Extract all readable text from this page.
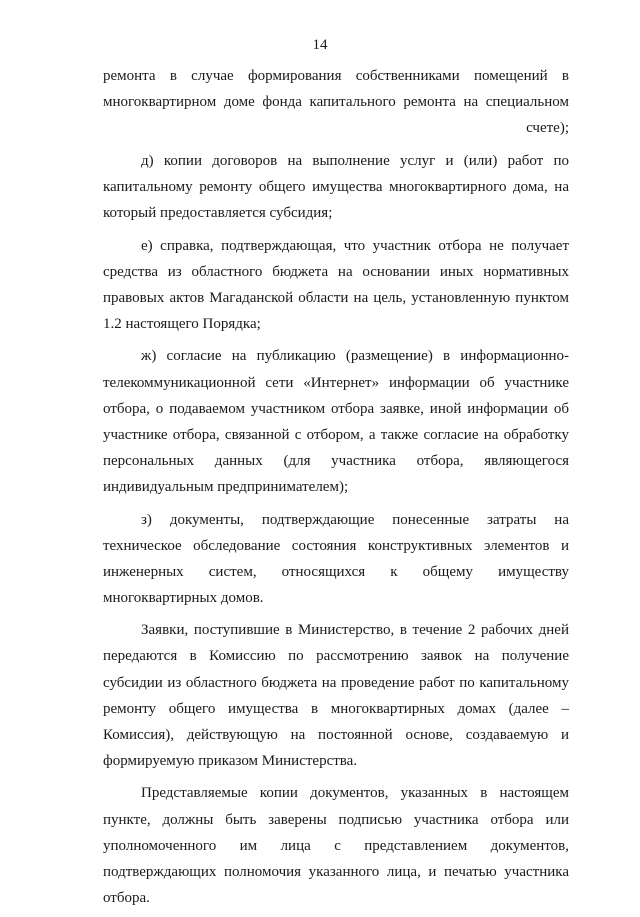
14

ремонта в случае формирования собственниками помещений в многоквартирном доме фонда капитального ремонта на специальном счете);

д) копии договоров на выполнение услуг и (или) работ по капитальному ремонту общего имущества многоквартирного дома, на который предоставляется субсидия;

е) справка, подтверждающая, что участник отбора не получает средства из областного бюджета на основании иных нормативных правовых актов Магаданской области на цель, установленную пунктом 1.2 настоящего Порядка;

ж) согласие на публикацию (размещение) в информационно-телекоммуникационной сети «Интернет» информации об участнике отбора, о подаваемом участником отбора заявке, иной информации об участнике отбора, связанной с отбором, а также согласие на обработку персональных данных (для участника отбора, являющегося индивидуальным предпринимателем);

з) документы, подтверждающие понесенные затраты на техническое обследование состояния конструктивных элементов и инженерных систем, относящихся к общему имуществу многоквартирных домов.

Заявки, поступившие в Министерство, в течение 2 рабочих дней передаются в Комиссию по рассмотрению заявок на получение субсидии из областного бюджета на проведение работ по капитальному ремонту общего имущества в многоквартирных домах (далее – Комиссия), действующую на постоянной основе, создаваемую и формируемую приказом Министерства.

Представляемые копии документов, указанных в настоящем пункте, должны быть заверены подписью участника отбора или уполномоченного им лица с представлением документов, подтверждающих полномочия указанного лица, и печатью участника отбора.
